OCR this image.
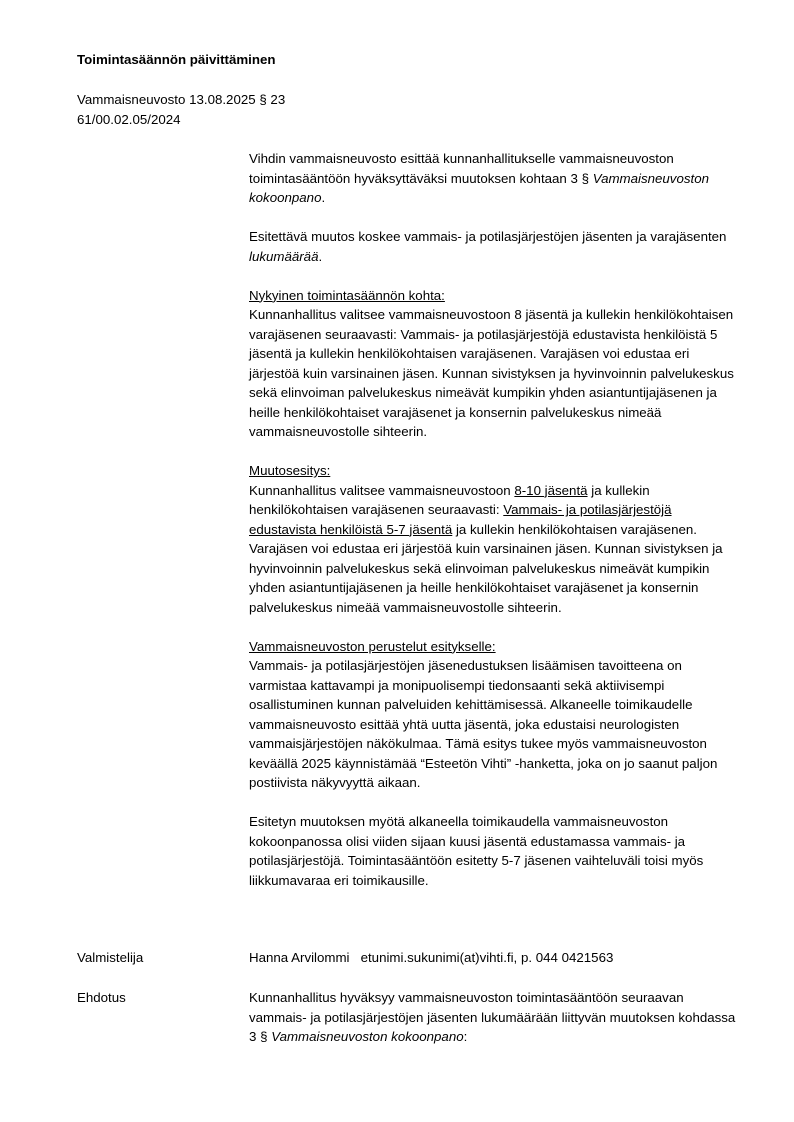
Toimintasäännön päivittäminen
Vammaisneuvosto 13.08.2025 § 23
61/00.02.05/2024

Vihdin vammaisneuvosto esittää kunnanhallitukselle vammaisneuvoston toimintasääntöön hyväksyttäväksi muutoksen kohtaan 3 § Vammaisneuvoston kokoonpano.

Esitettävä muutos koskee vammais- ja potilasjärjestöjen jäsenten ja varajäsenten lukumäärää.

Nykyinen toimintasäännön kohta:
Kunnanhallitus valitsee vammaisneuvostoon 8 jäsentä ja kullekin henkilökohtaisen varajäsenen seuraavasti: Vammais- ja potilasjärjestöjä edustavista henkilöistä 5 jäsentä ja kullekin henkilökohtaisen varajäsenen. Varajäsen voi edustaa eri järjestöä kuin varsinainen jäsen. Kunnan sivistyksen ja hyvinvoinnin palvelukeskus sekä elinvoiman palvelukeskus nimeävät kumpikin yhden asiantuntijajäsenen ja heille henkilökohtaiset varajäsenet ja konsernin palvelukeskus nimeää vammaisneuvostolle sihteerin.
Muutosesitys:
Kunnanhallitus valitsee vammaisneuvostoon 8-10 jäsentä ja kullekin henkilökohtaisen varajäsenen seuraavasti: Vammais- ja potilasjärjestöjä edustavista henkilöistä 5-7 jäsentä ja kullekin henkilökohtaisen varajäsenen. Varajäsen voi edustaa eri järjestöä kuin varsinainen jäsen. Kunnan sivistyksen ja hyvinvoinnin palvelukeskus sekä elinvoiman palvelukeskus nimeävät kumpikin yhden asiantuntijajäsenen ja heille henkilökohtaiset varajäsenet ja konsernin palvelukeskus nimeää vammaisneuvostolle sihteerin.
Vammaisneuvoston perustelut esitykselle:
Vammais- ja potilasjärjestöjen jäsenedustuksen lisäämisen tavoitteena on varmistaa kattavampi ja monipuolisempi tiedonsaanti sekä aktiivisempi osallistuminen kunnan palveluiden kehittämisessä. Alkaneelle toimikaudelle vammaisneuvosto esittää yhtä uutta jäsentä, joka edustaisi neurologisten vammaisjärjestöjen näkökulmaa. Tämä esitys tukee myös vammaisneuvoston keväällä 2025 käynnistämää “Esteetön Vihti” -hanketta, joka on jo saanut paljon postiivista näkyvyyttä aikaan.

Esitetyn muutoksen myötä alkaneella toimikaudella vammaisneuvoston kokoonpanossa olisi viiden sijaan kuusi jäsentä edustamassa vammais- ja potilasjärjestöjä. Toimintasääntöön esitetty 5-7 jäsenen vaihteluväli toisi myös liikkumavaraa eri toimikausille.

Valmistelija	Hanna Arvilommi etunimi.sukunimi(at)vihti.fi, p. 044 0421563
Ehdotus	Kunnanhallitus hyväksyy vammaisneuvoston toimintasääntöön seuraavan vammais- ja potilasjärjestöjen jäsenten lukumäärään liittyvän muutoksen kohdassa 3 § Vammaisneuvoston kokoonpano:
